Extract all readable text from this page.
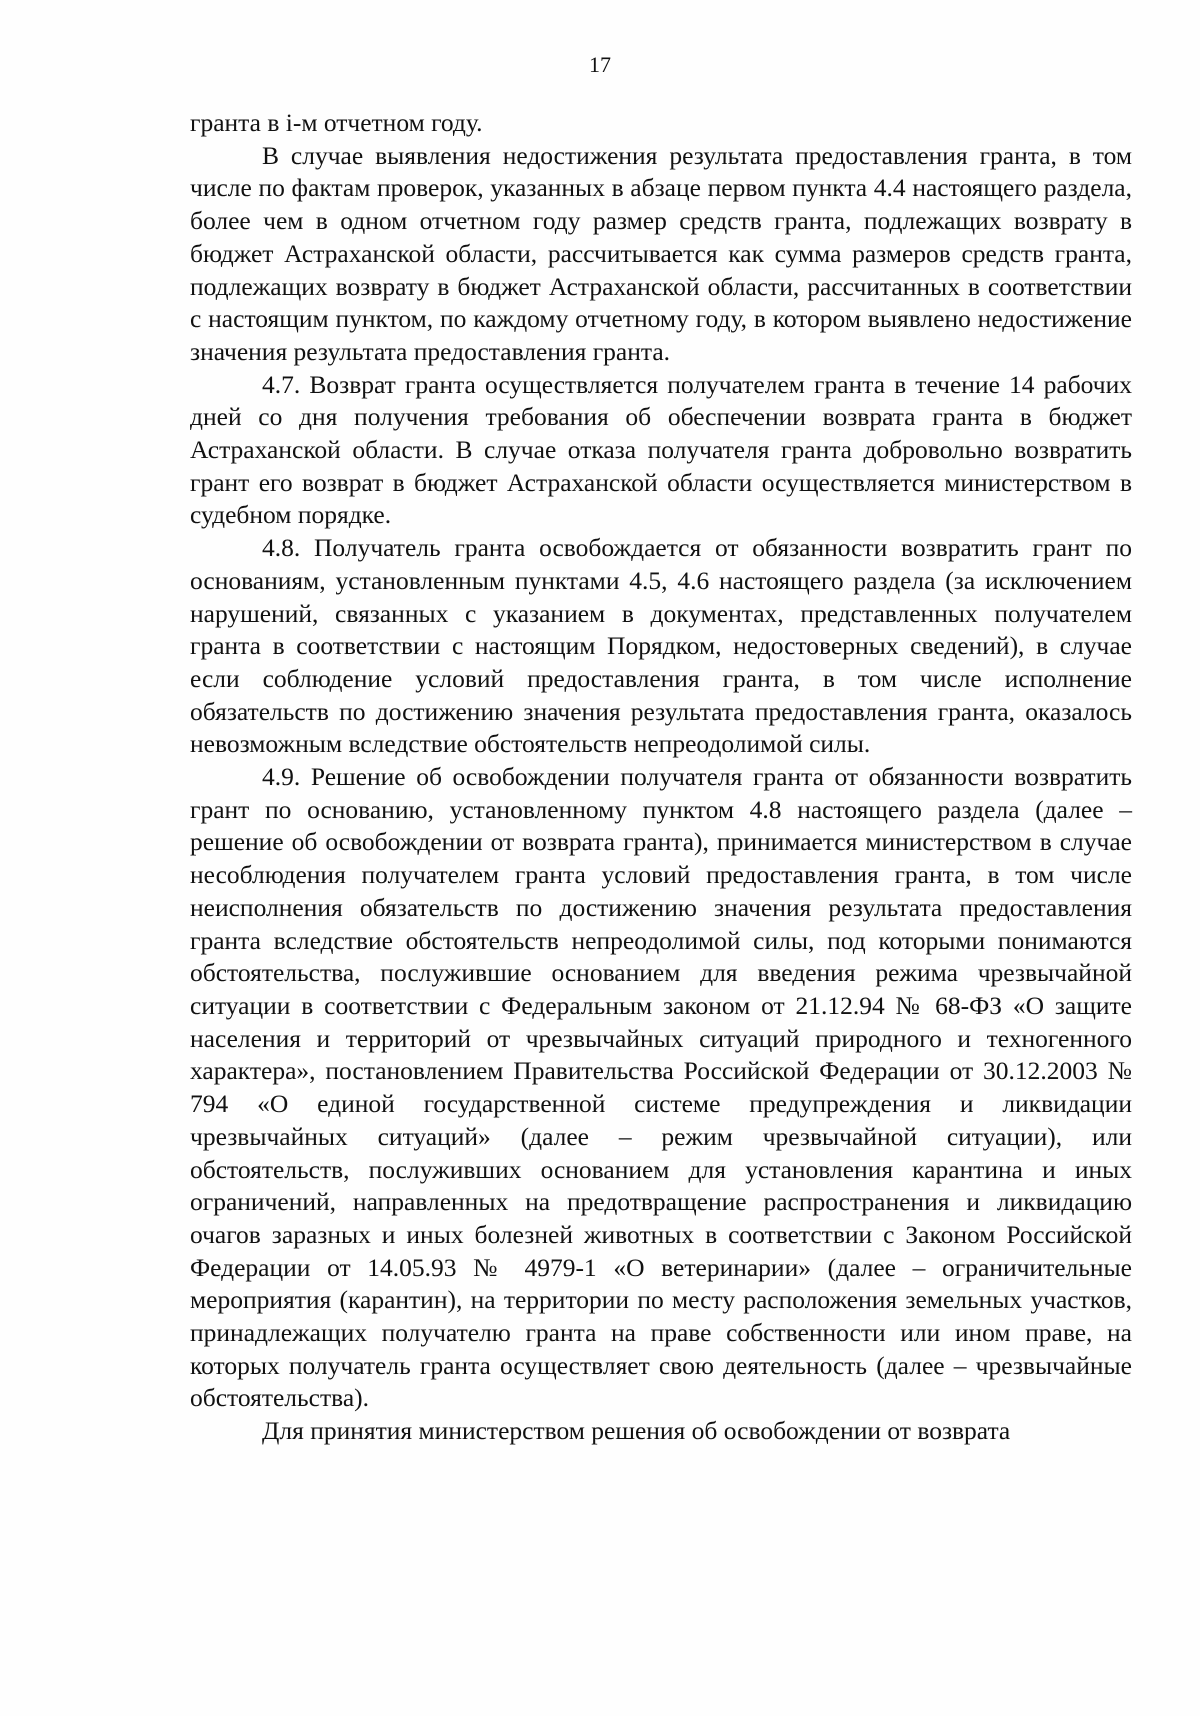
17

гранта в i-м отчетном году.

В случае выявления недостижения результата предоставления гранта, в том числе по фактам проверок, указанных в абзаце первом пункта 4.4 настоящего раздела, более чем в одном отчетном году размер средств гранта, подлежащих возврату в бюджет Астраханской области, рассчитывается как сумма размеров средств гранта, подлежащих возврату в бюджет Астраханской области, рассчитанных в соответствии с настоящим пунктом, по каждому отчетному году, в котором выявлено недостижение значения результата предоставления гранта.

4.7. Возврат гранта осуществляется получателем гранта в течение 14 рабочих дней со дня получения требования об обеспечении возврата гранта в бюджет Астраханской области. В случае отказа получателя гранта добровольно возвратить грант его возврат в бюджет Астраханской области осуществляется министерством в судебном порядке.

4.8. Получатель гранта освобождается от обязанности возвратить грант по основаниям, установленным пунктами 4.5, 4.6 настоящего раздела (за исключением нарушений, связанных с указанием в документах, представленных получателем гранта в соответствии с настоящим Порядком, недостоверных сведений), в случае если соблюдение условий предоставления гранта, в том числе исполнение обязательств по достижению значения результата предоставления гранта, оказалось невозможным вследствие обстоятельств непреодолимой силы.

4.9. Решение об освобождении получателя гранта от обязанности возвратить грант по основанию, установленному пунктом 4.8 настоящего раздела (далее – решение об освобождении от возврата гранта), принимается министерством в случае несоблюдения получателем гранта условий предоставления гранта, в том числе неисполнения обязательств по достижению значения результата предоставления гранта вследствие обстоятельств непреодолимой силы, под которыми понимаются обстоятельства, послужившие основанием для введения режима чрезвычайной ситуации в соответствии с Федеральным законом от 21.12.94 № 68-ФЗ «О защите населения и территорий от чрезвычайных ситуаций природного и техногенного характера», постановлением Правительства Российской Федерации от 30.12.2003 № 794 «О единой государственной системе предупреждения и ликвидации чрезвычайных ситуаций» (далее – режим чрезвычайной ситуации), или обстоятельств, послуживших основанием для установления карантина и иных ограничений, направленных на предотвращение распространения и ликвидацию очагов заразных и иных болезней животных в соответствии с Законом Российской Федерации от 14.05.93 № 4979-1 «О ветеринарии» (далее – ограничительные мероприятия (карантин), на территории по месту расположения земельных участков, принадлежащих получателю гранта на праве собственности или ином праве, на которых получатель гранта осуществляет свою деятельность (далее – чрезвычайные обстоятельства).

Для принятия министерством решения об освобождении от возврата
